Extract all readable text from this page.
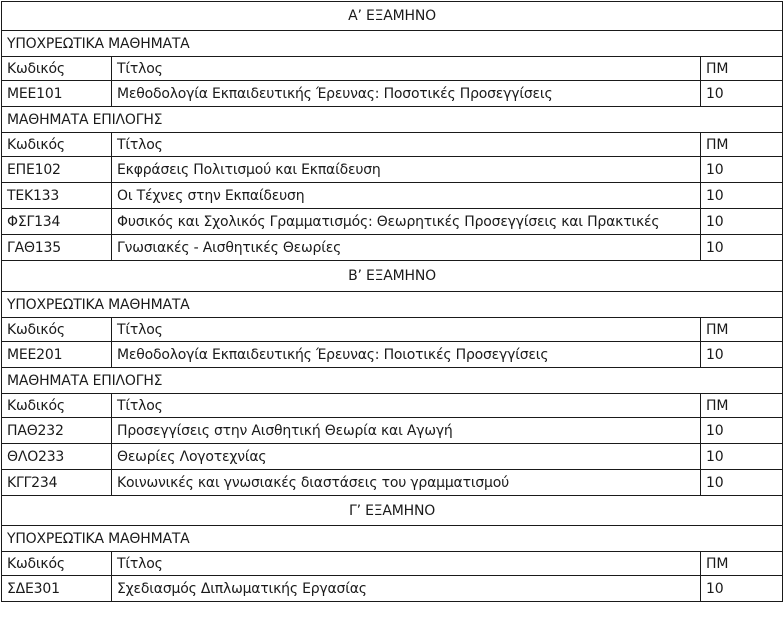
Α’ ΕΞΑΜΗΝΟ		
ΥΠΟΧΡΕΩΤΙΚΑ ΜΑΘΗΜΑΤΑ		
Κωδικός	Τίτλος	ΠΜ
ΜΕΕ101	Μεθοδολογία Εκπαιδευτικής Έρευνας: Ποσοτικές Προσεγγίσεις	10
ΜΑΘΗΜΑΤΑ ΕΠΙΛΟΓΗΣ		
Κωδικός	Τίτλος	ΠΜ
ΕΠΕ102	Εκφράσεις Πολιτισμού και Εκπαίδευση	10
ΤΕΚ133	Οι Τέχνες στην Εκπαίδευση	10
ΦΣΓ134	Φυσικός και Σχολικός Γραμματισμός: Θεωρητικές Προσεγγίσεις και Πρακτικές	10
ΓΑΘ135	Γνωσιακές - Αισθητικές Θεωρίες	10
Β’ ΕΞΑΜΗΝΟ		
ΥΠΟΧΡΕΩΤΙΚΑ ΜΑΘΗΜΑΤΑ		
Κωδικός	Τίτλος	ΠΜ
ΜΕΕ201	Μεθοδολογία Εκπαιδευτικής Έρευνας: Ποιοτικές Προσεγγίσεις	10
ΜΑΘΗΜΑΤΑ ΕΠΙΛΟΓΗΣ		
Κωδικός	Τίτλος	ΠΜ
ΠΑΘ232	Προσεγγίσεις στην Αισθητική Θεωρία και Αγωγή	10
ΘΛΟ233	Θεωρίες Λογοτεχνίας	10
ΚΓΓ234	Κοινωνικές και γνωσιακές διαστάσεις του γραμματισμού	10
Γ’ ΕΞΑΜΗΝΟ		
ΥΠΟΧΡΕΩΤΙΚΑ ΜΑΘΗΜΑΤΑ		
Κωδικός	Τίτλος	ΠΜ
ΣΔΕ301	Σχεδιασμός Διπλωματικής Εργασίας	10
